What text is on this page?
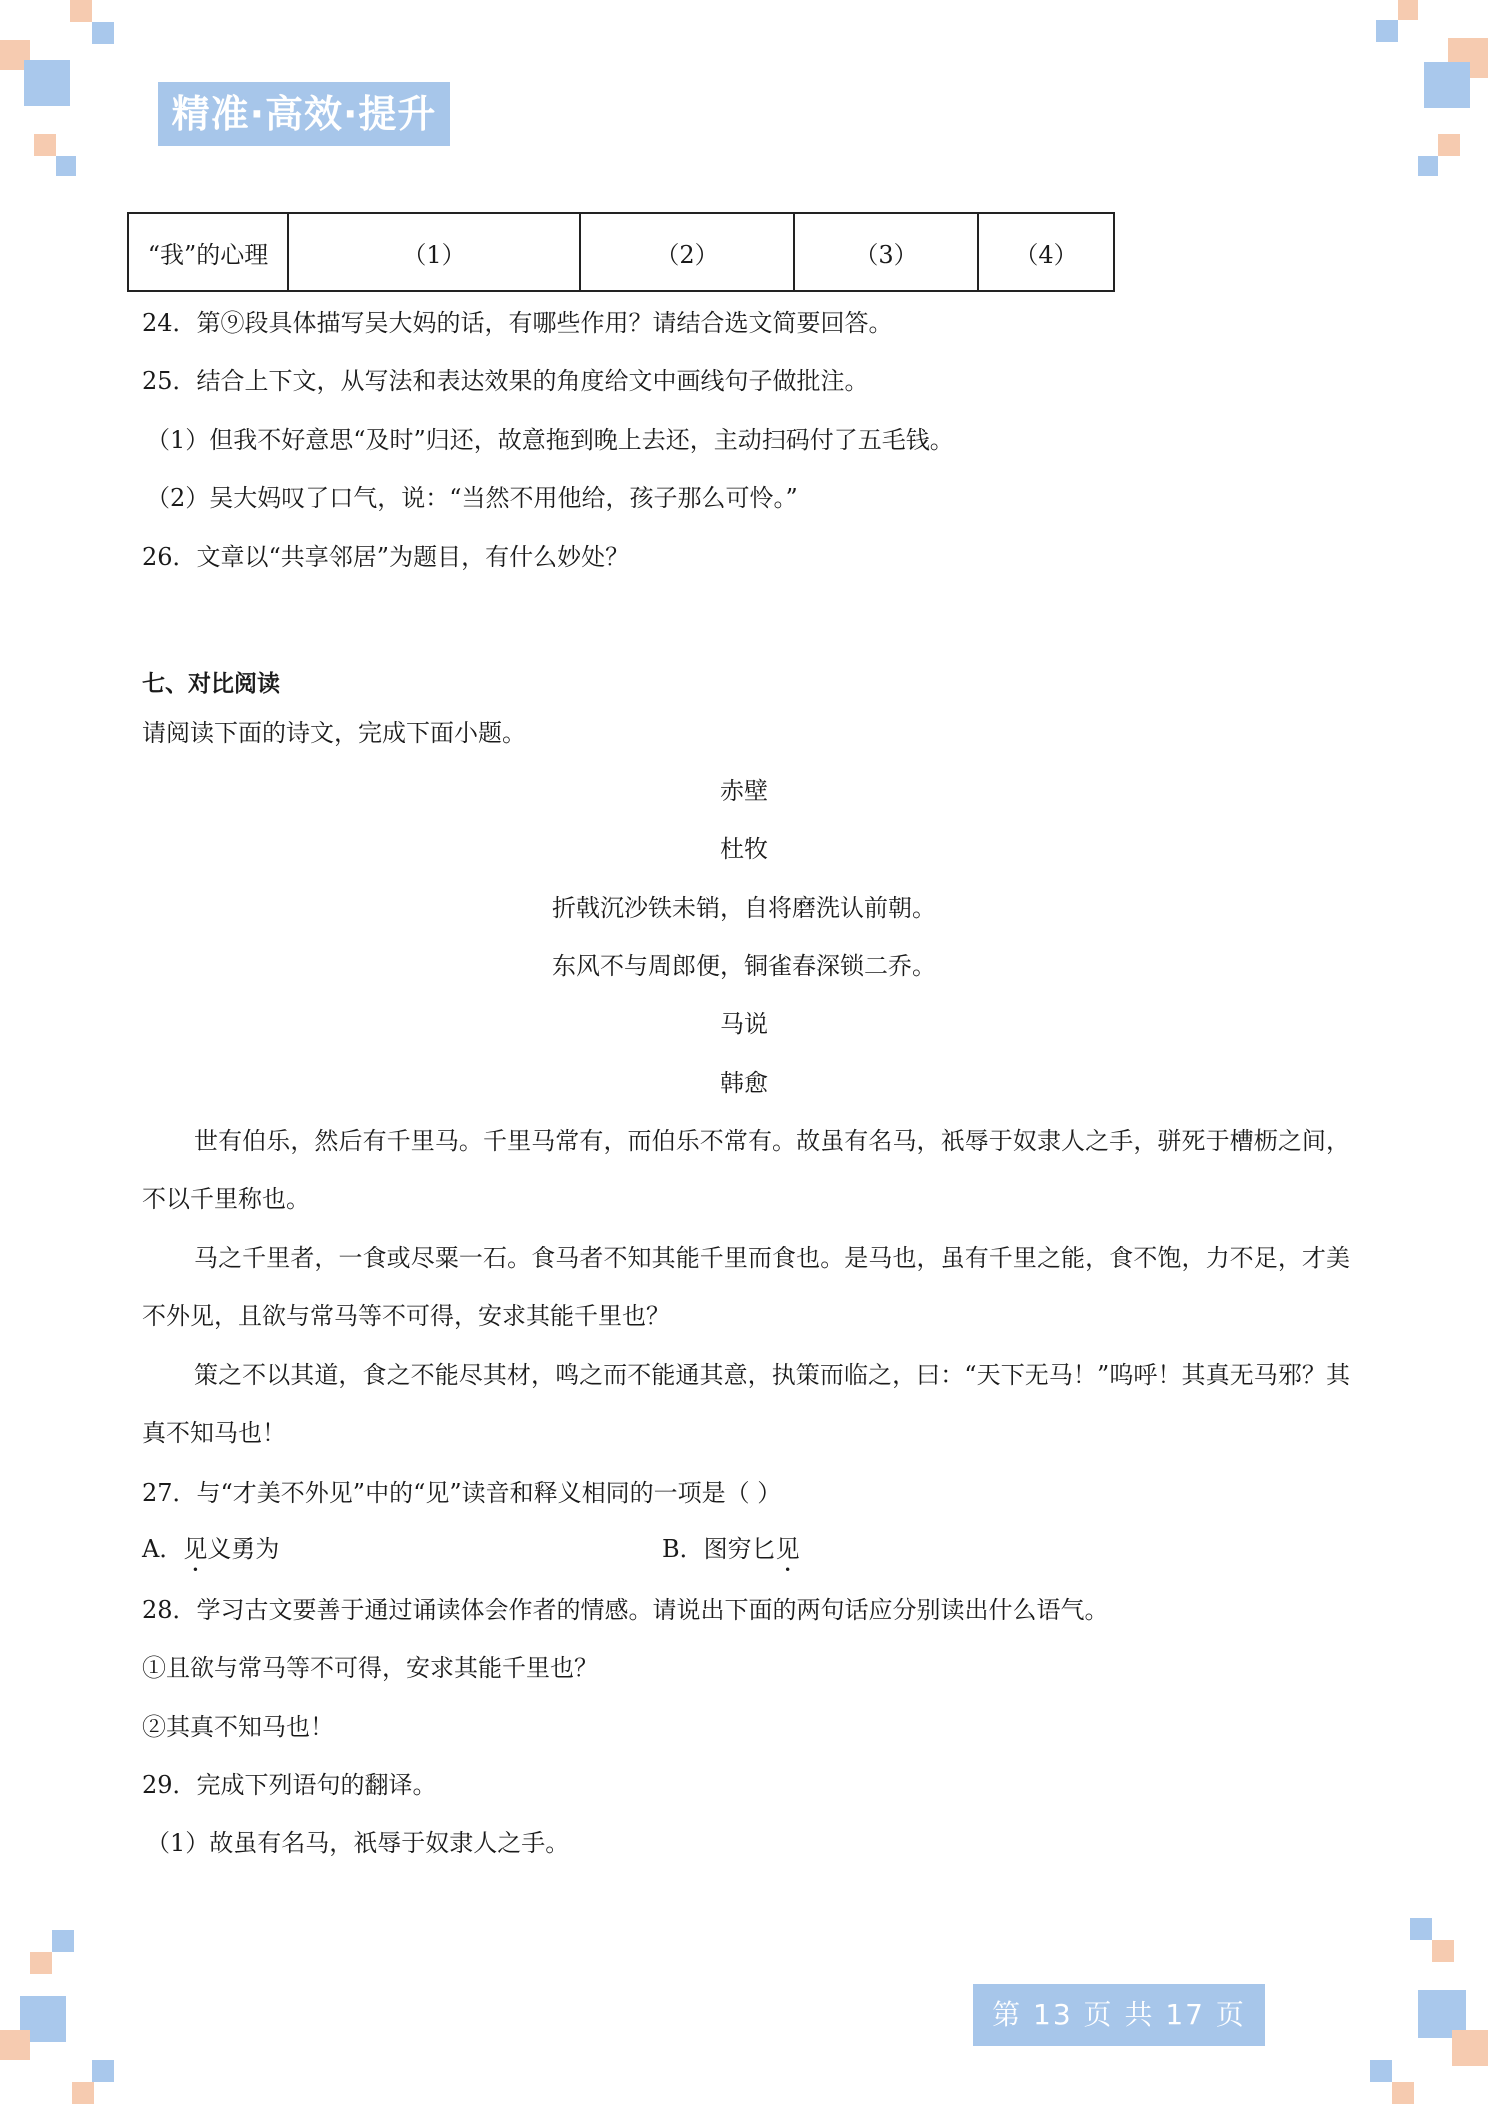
精准·高效·提升
“我”的心理	（1）	（2）	（3）	（4）
24．第⑨段具体描写吴大妈的话，有哪些作用？请结合选文简要回答。
25．结合上下文，从写法和表达效果的角度给文中画线句子做批注。
（1）但我不好意思“及时”归还，故意拖到晚上去还，主动扫码付了五毛钱。
（2）吴大妈叹了口气，说：“当然不用他给，孩子那么可怜。”
26．文章以“共享邻居”为题目，有什么妙处？
七、对比阅读
请阅读下面的诗文，完成下面小题。
赤壁
杜牧
折戟沉沙铁未销，自将磨洗认前朝。
东风不与周郎便，铜雀春深锁二乔。
马说
韩愈
世有伯乐，然后有千里马。千里马常有，而伯乐不常有。故虽有名马，祇辱于奴隶人之手，骈死于槽枥之间，不以千里称也。
马之千里者，一食或尽粟一石。食马者不知其能千里而食也。是马也，虽有千里之能，食不饱，力不足，才美不外见，且欲与常马等不可得，安求其能千里也？
策之不以其道，食之不能尽其材，鸣之而不能通其意，执策而临之，曰：“天下无马！”呜呼！其真无马邪？其真不知马也！
27．与“才美不外见”中的“见”读音和释义相同的一项是（ ）
A．见义勇为	B．图穷匕见
28．学习古文要善于通过诵读体会作者的情感。请说出下面的两句话应分别读出什么语气。
①且欲与常马等不可得，安求其能千里也？
②其真不知马也！
29．完成下列语句的翻译。
（1）故虽有名马，祇辱于奴隶人之手。
第 13 页 共 17 页
